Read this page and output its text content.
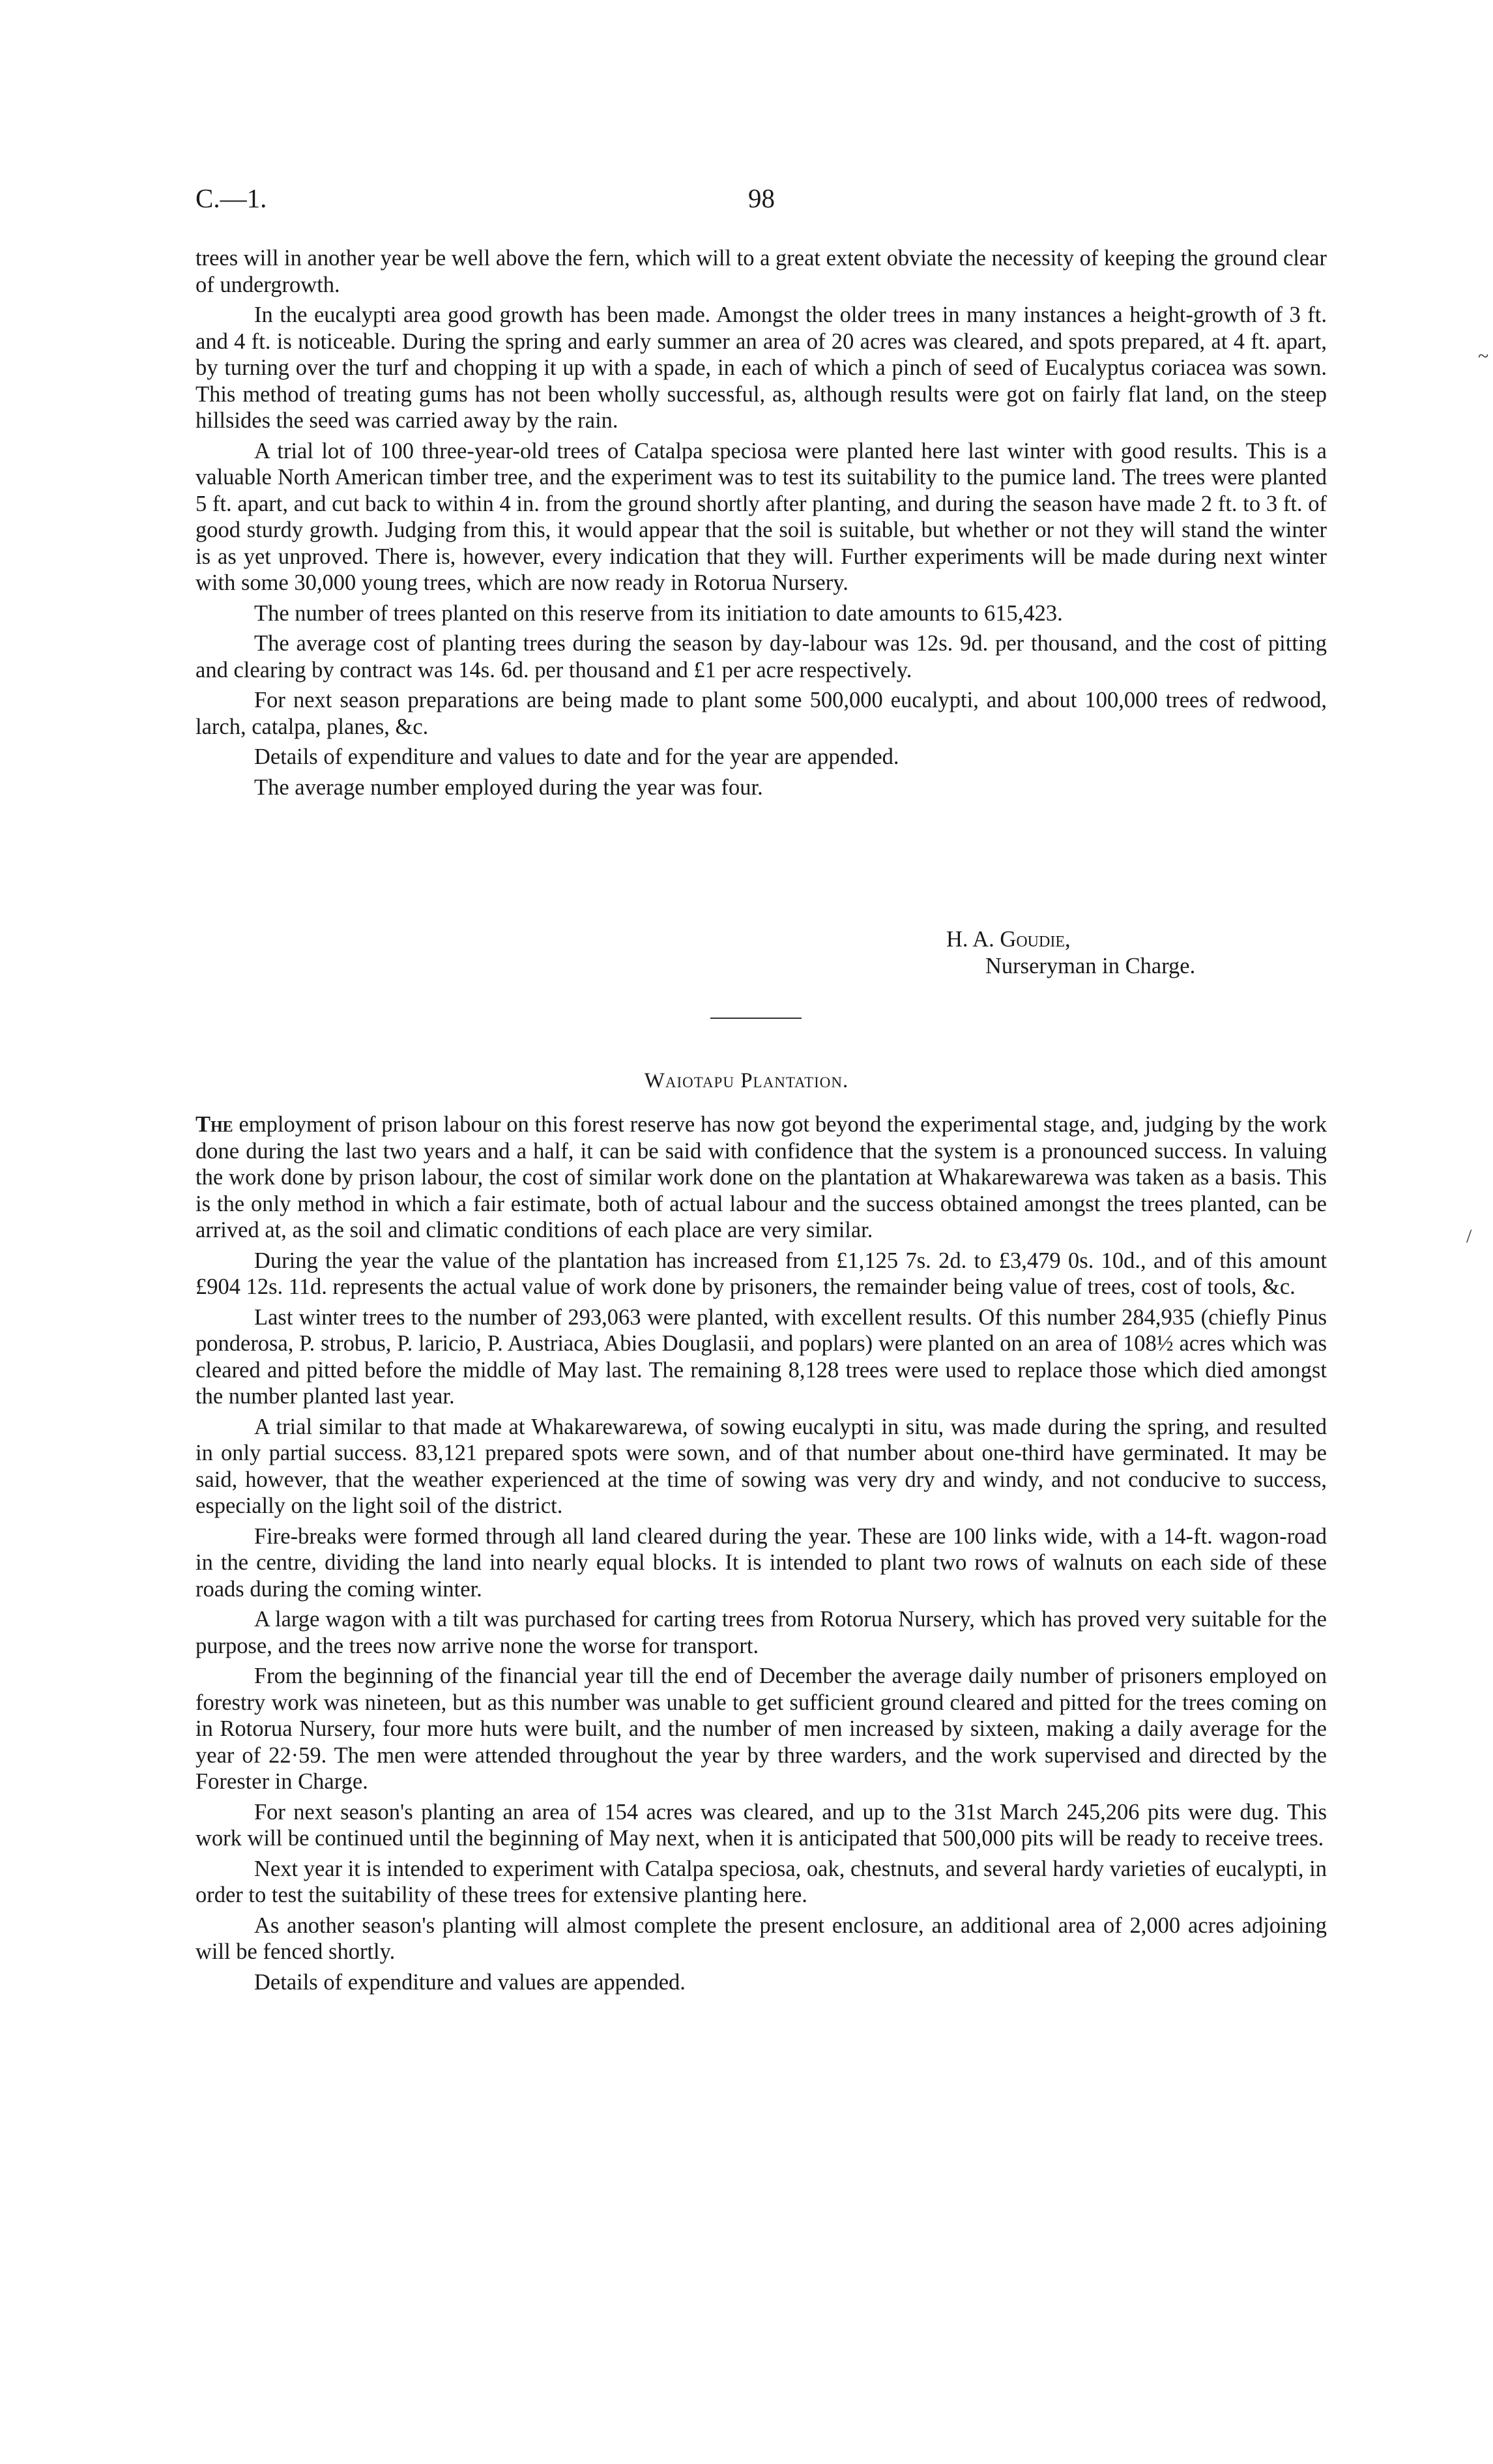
C.—1.	98

trees will in another year be well above the fern, which will to a great extent obviate the necessity of keeping the ground clear of undergrowth.

In the eucalypti area good growth has been made. Amongst the older trees in many instances a height-growth of 3 ft. and 4 ft. is noticeable. During the spring and early summer an area of 20 acres was cleared, and spots prepared, at 4 ft. apart, by turning over the turf and chopping it up with a spade, in each of which a pinch of seed of Eucalyptus coriacea was sown. This method of treating gums has not been wholly successful, as, although results were got on fairly flat land, on the steep hillsides the seed was carried away by the rain.

A trial lot of 100 three-year-old trees of Catalpa speciosa were planted here last winter with good results. This is a valuable North American timber tree, and the experiment was to test its suitability to the pumice land. The trees were planted 5 ft. apart, and cut back to within 4 in. from the ground shortly after planting, and during the season have made 2 ft. to 3 ft. of good sturdy growth. Judging from this, it would appear that the soil is suitable, but whether or not they will stand the winter is as yet unproved. There is, however, every indication that they will. Further experiments will be made during next winter with some 30,000 young trees, which are now ready in Rotorua Nursery.

The number of trees planted on this reserve from its initiation to date amounts to 615,423.

The average cost of planting trees during the season by day-labour was 12s. 9d. per thousand, and the cost of pitting and clearing by contract was 14s. 6d. per thousand and £1 per acre respectively.

For next season preparations are being made to plant some 500,000 eucalypti, and about 100,000 trees of redwood, larch, catalpa, planes, &c.

Details of expenditure and values to date and for the year are appended.

The average number employed during the year was four.

H. A. Goudie,
Nurseryman in Charge.
Waiotapu Plantation.

The employment of prison labour on this forest reserve has now got beyond the experimental stage, and, judging by the work done during the last two years and a half, it can be said with confidence that the system is a pronounced success. In valuing the work done by prison labour, the cost of similar work done on the plantation at Whakarewarewa was taken as a basis. This is the only method in which a fair estimate, both of actual labour and the success obtained amongst the trees planted, can be arrived at, as the soil and climatic conditions of each place are very similar.

During the year the value of the plantation has increased from £1,125 7s. 2d. to £3,479 0s. 10d., and of this amount £904 12s. 11d. represents the actual value of work done by prisoners, the remainder being value of trees, cost of tools, &c.

Last winter trees to the number of 293,063 were planted, with excellent results. Of this number 284,935 (chiefly Pinus ponderosa, P. strobus, P. laricio, P. Austriaca, Abies Douglasii, and poplars) were planted on an area of 108½ acres which was cleared and pitted before the middle of May last. The remaining 8,128 trees were used to replace those which died amongst the number planted last year.

A trial similar to that made at Whakarewarewa, of sowing eucalypti in situ, was made during the spring, and resulted in only partial success. 83,121 prepared spots were sown, and of that number about one-third have germinated. It may be said, however, that the weather experienced at the time of sowing was very dry and windy, and not conducive to success, especially on the light soil of the district.

Fire-breaks were formed through all land cleared during the year. These are 100 links wide, with a 14-ft. wagon-road in the centre, dividing the land into nearly equal blocks. It is intended to plant two rows of walnuts on each side of these roads during the coming winter.

A large wagon with a tilt was purchased for carting trees from Rotorua Nursery, which has proved very suitable for the purpose, and the trees now arrive none the worse for transport.

From the beginning of the financial year till the end of December the average daily number of prisoners employed on forestry work was nineteen, but as this number was unable to get sufficient ground cleared and pitted for the trees coming on in Rotorua Nursery, four more huts were built, and the number of men increased by sixteen, making a daily average for the year of 22·59. The men were attended throughout the year by three warders, and the work supervised and directed by the Forester in Charge.

For next season's planting an area of 154 acres was cleared, and up to the 31st March 245,206 pits were dug. This work will be continued until the beginning of May next, when it is anticipated that 500,000 pits will be ready to receive trees.

Next year it is intended to experiment with Catalpa speciosa, oak, chestnuts, and several hardy varieties of eucalypti, in order to test the suitability of these trees for extensive planting here.

As another season's planting will almost complete the present enclosure, an additional area of 2,000 acres adjoining will be fenced shortly.

Details of expenditure and values are appended.

~
/
